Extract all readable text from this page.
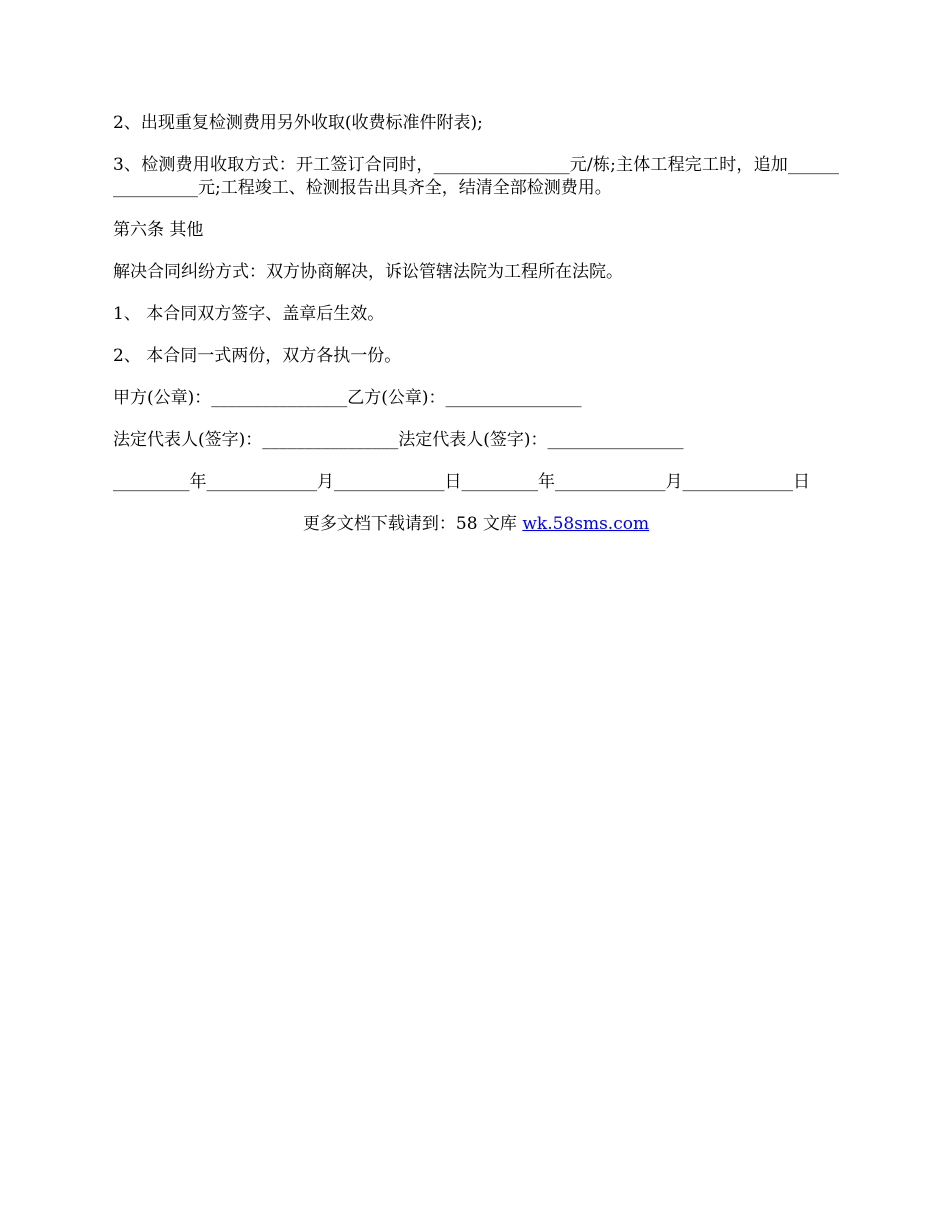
2、出现重复检测费用另外收取(收费标准件附表);

3、检测费用收取方式：开工签订合同时，________________元/栋;主体工程完工时，追加________________元;工程竣工、检测报告出具齐全，结清全部检测费用。

第六条 其他

解决合同纠纷方式：双方协商解决，诉讼管辖法院为工程所在法院。

1、 本合同双方签字、盖章后生效。

2、 本合同一式两份，双方各执一份。

甲方(公章)：________________乙方(公章)：________________

法定代表人(签字)：________________法定代表人(签字)：________________

_________年_____________月_____________日_________年_____________月_____________日

更多文档下载请到：58 文库 wk.58sms.com
